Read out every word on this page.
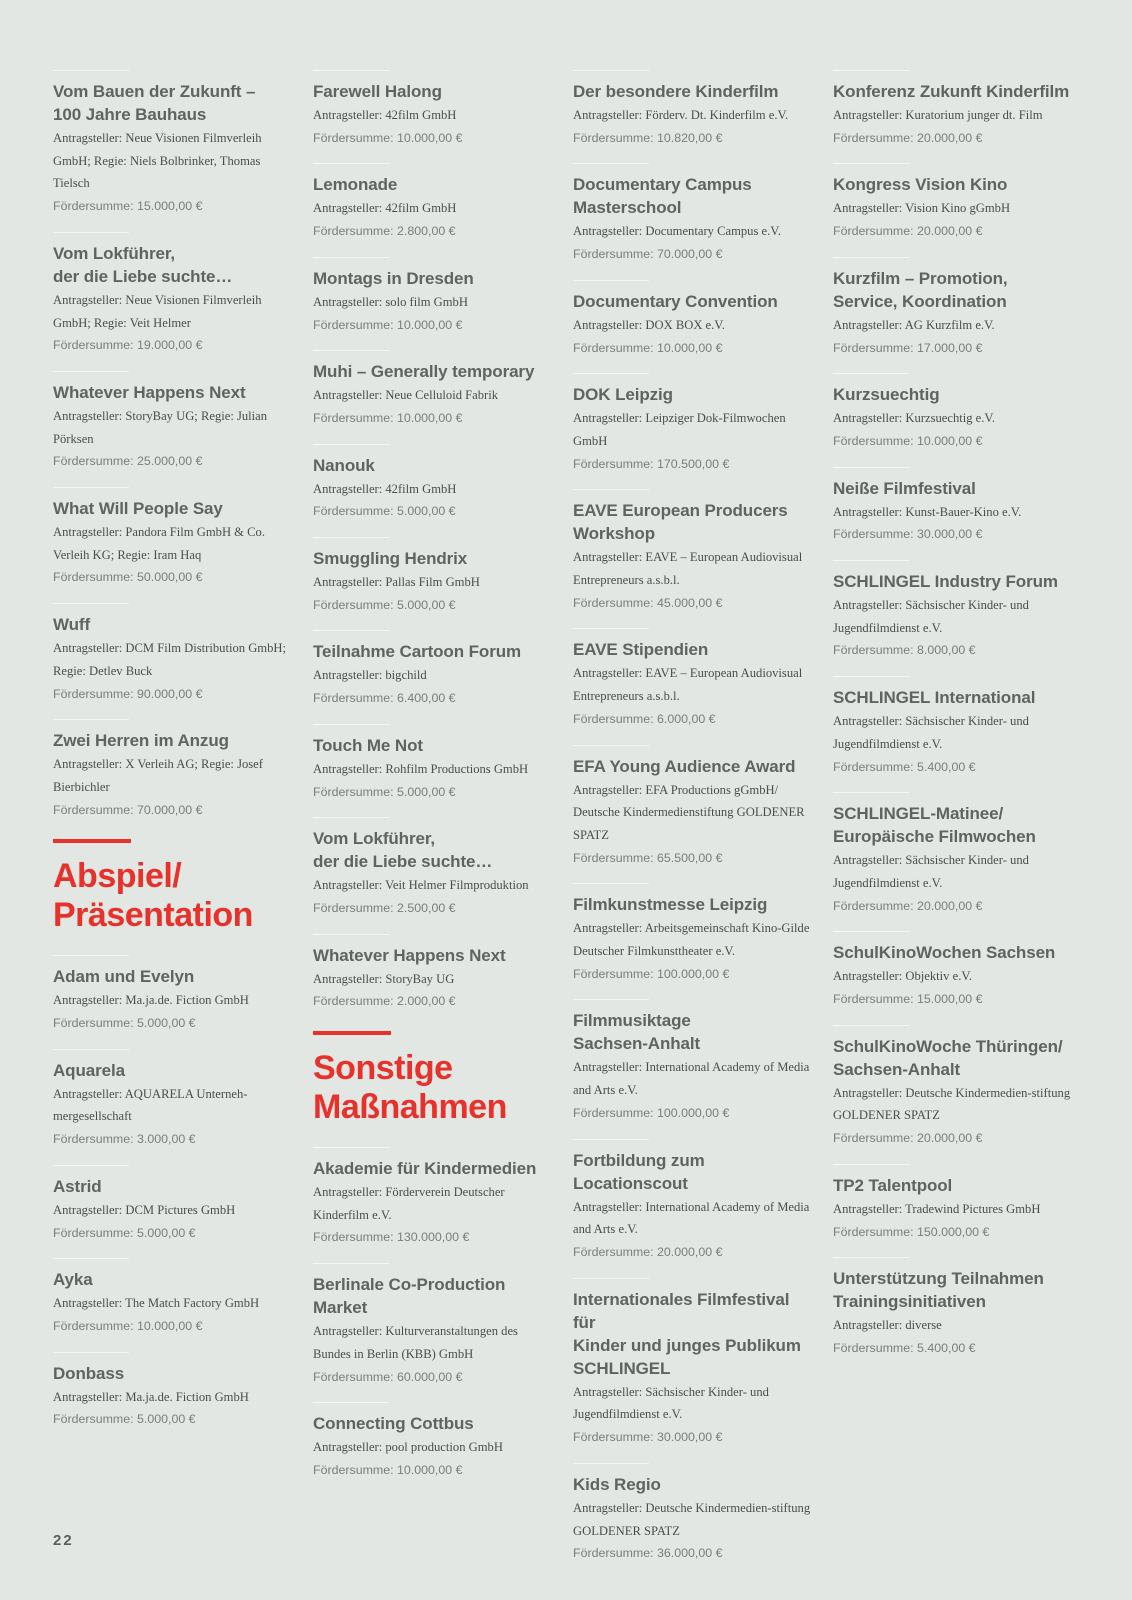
Vom Bauen der Zukunft –
100 Jahre Bauhaus
Antragsteller: Neue Visionen Filmverleih GmbH; Regie: Niels Bolbrinker, Thomas Tielsch
Fördersumme: 15.000,00 €
Vom Lokführer,
der die Liebe suchte…
Antragsteller: Neue Visionen Filmverleih GmbH; Regie: Veit Helmer
Fördersumme: 19.000,00 €
Whatever Happens Next
Antragsteller: StoryBay UG; Regie: Julian Pörksen
Fördersumme: 25.000,00 €
What Will People Say
Antragsteller: Pandora Film GmbH & Co. Verleih KG; Regie: Iram Haq
Fördersumme: 50.000,00 €
Wuff
Antragsteller: DCM Film Distribution GmbH; Regie: Detlev Buck
Fördersumme: 90.000,00 €
Zwei Herren im Anzug
Antragsteller: X Verleih AG; Regie: Josef Bierbichler
Fördersumme: 70.000,00 €
Abspiel/
Präsentation
Adam und Evelyn
Antragsteller: Ma.ja.de. Fiction GmbH
Fördersumme: 5.000,00 €
Aquarela
Antragsteller: AQUARELA Unterneh-mergesellschaft
Fördersumme: 3.000,00 €
Astrid
Antragsteller: DCM Pictures GmbH
Fördersumme: 5.000,00 €
Ayka
Antragsteller: The Match Factory GmbH
Fördersumme: 10.000,00 €
Donbass
Antragsteller: Ma.ja.de. Fiction GmbH
Fördersumme: 5.000,00 €
Farewell Halong
Antragsteller: 42film GmbH
Fördersumme: 10.000,00 €
Lemonade
Antragsteller: 42film GmbH
Fördersumme: 2.800,00 €
Montags in Dresden
Antragsteller: solo film GmbH
Fördersumme: 10.000,00 €
Muhi – Generally temporary
Antragsteller: Neue Celluloid Fabrik
Fördersumme: 10.000,00 €
Nanouk
Antragsteller: 42film GmbH
Fördersumme: 5.000,00 €
Smuggling Hendrix
Antragsteller: Pallas Film GmbH
Fördersumme: 5.000,00 €
Teilnahme Cartoon Forum
Antragsteller: bigchild
Fördersumme: 6.400,00 €
Touch Me Not
Antragsteller: Rohfilm Productions GmbH
Fördersumme: 5.000,00 €
Vom Lokführer,
der die Liebe suchte…
Antragsteller: Veit Helmer Filmproduktion
Fördersumme: 2.500,00 €
Whatever Happens Next
Antragsteller: StoryBay UG
Fördersumme: 2.000,00 €
Sonstige
Maßnahmen
Akademie für Kindermedien
Antragsteller: Förderverein Deutscher Kinderfilm e.V.
Fördersumme: 130.000,00 €
Berlinale Co-Production Market
Antragsteller: Kulturveranstaltungen des Bundes in Berlin (KBB) GmbH
Fördersumme: 60.000,00 €
Connecting Cottbus
Antragsteller: pool production GmbH
Fördersumme: 10.000,00 €
Der besondere Kinderfilm
Antragsteller: Förderv. Dt. Kinderfilm e.V.
Fördersumme: 10.820,00 €
Documentary Campus
Masterschool
Antragsteller: Documentary Campus e.V.
Fördersumme: 70.000,00 €
Documentary Convention
Antragsteller: DOX BOX e.V.
Fördersumme: 10.000,00 €
DOK Leipzig
Antragsteller: Leipziger Dok-Filmwochen GmbH
Fördersumme: 170.500,00 €
EAVE European Producers
Workshop
Antragsteller: EAVE – European Audiovisual Entrepreneurs a.s.b.l.
Fördersumme: 45.000,00 €
EAVE Stipendien
Antragsteller: EAVE – European Audiovisual Entrepreneurs a.s.b.l.
Fördersumme: 6.000,00 €
EFA Young Audience Award
Antragsteller: EFA Productions gGmbH/ Deutsche Kindermedienstiftung GOLDENER SPATZ
Fördersumme: 65.500,00 €
Filmkunstmesse Leipzig
Antragsteller: Arbeitsgemeinschaft Kino-Gilde Deutscher Filmkunsttheater e.V.
Fördersumme: 100.000,00 €
Filmmusiktage
Sachsen-Anhalt
Antragsteller: International Academy of Media and Arts e.V.
Fördersumme: 100.000,00 €
Fortbildung zum Locationscout
Antragsteller: International Academy of Media and Arts e.V.
Fördersumme: 20.000,00 €
Internationales Filmfestival für
Kinder und junges Publikum
SCHLINGEL
Antragsteller: Sächsischer Kinder- und Jugendfilmdienst e.V.
Fördersumme: 30.000,00 €
Kids Regio
Antragsteller: Deutsche Kindermedien-stiftung GOLDENER SPATZ
Fördersumme: 36.000,00 €
Konferenz Zukunft Kinderfilm
Antragsteller: Kuratorium junger dt. Film
Fördersumme: 20.000,00 €
Kongress Vision Kino
Antragsteller: Vision Kino gGmbH
Fördersumme: 20.000,00 €
Kurzfilm – Promotion,
Service, Koordination
Antragsteller: AG Kurzfilm e.V.
Fördersumme: 17.000,00 €
Kurzsuechtig
Antragsteller: Kurzsuechtig e.V.
Fördersumme: 10.000,00 €
Neiße Filmfestival
Antragsteller: Kunst-Bauer-Kino e.V.
Fördersumme: 30.000,00 €
SCHLINGEL Industry Forum
Antragsteller: Sächsischer Kinder- und Jugendfilmdienst e.V.
Fördersumme: 8.000,00 €
SCHLINGEL International
Antragsteller: Sächsischer Kinder- und Jugendfilmdienst e.V.
Fördersumme: 5.400,00 €
SCHLINGEL-Matinee/
Europäische Filmwochen
Antragsteller: Sächsischer Kinder- und Jugendfilmdienst e.V.
Fördersumme: 20.000,00 €
SchulKinoWochen Sachsen
Antragsteller: Objektiv e.V.
Fördersumme: 15.000,00 €
SchulKinoWoche Thüringen/
Sachsen-Anhalt
Antragsteller: Deutsche Kindermedien-stiftung GOLDENER SPATZ
Fördersumme: 20.000,00 €
TP2 Talentpool
Antragsteller: Tradewind Pictures GmbH
Fördersumme: 150.000,00 €
Unterstützung Teilnahmen
Trainingsinitiativen
Antragsteller: diverse
Fördersumme: 5.400,00 €
22
